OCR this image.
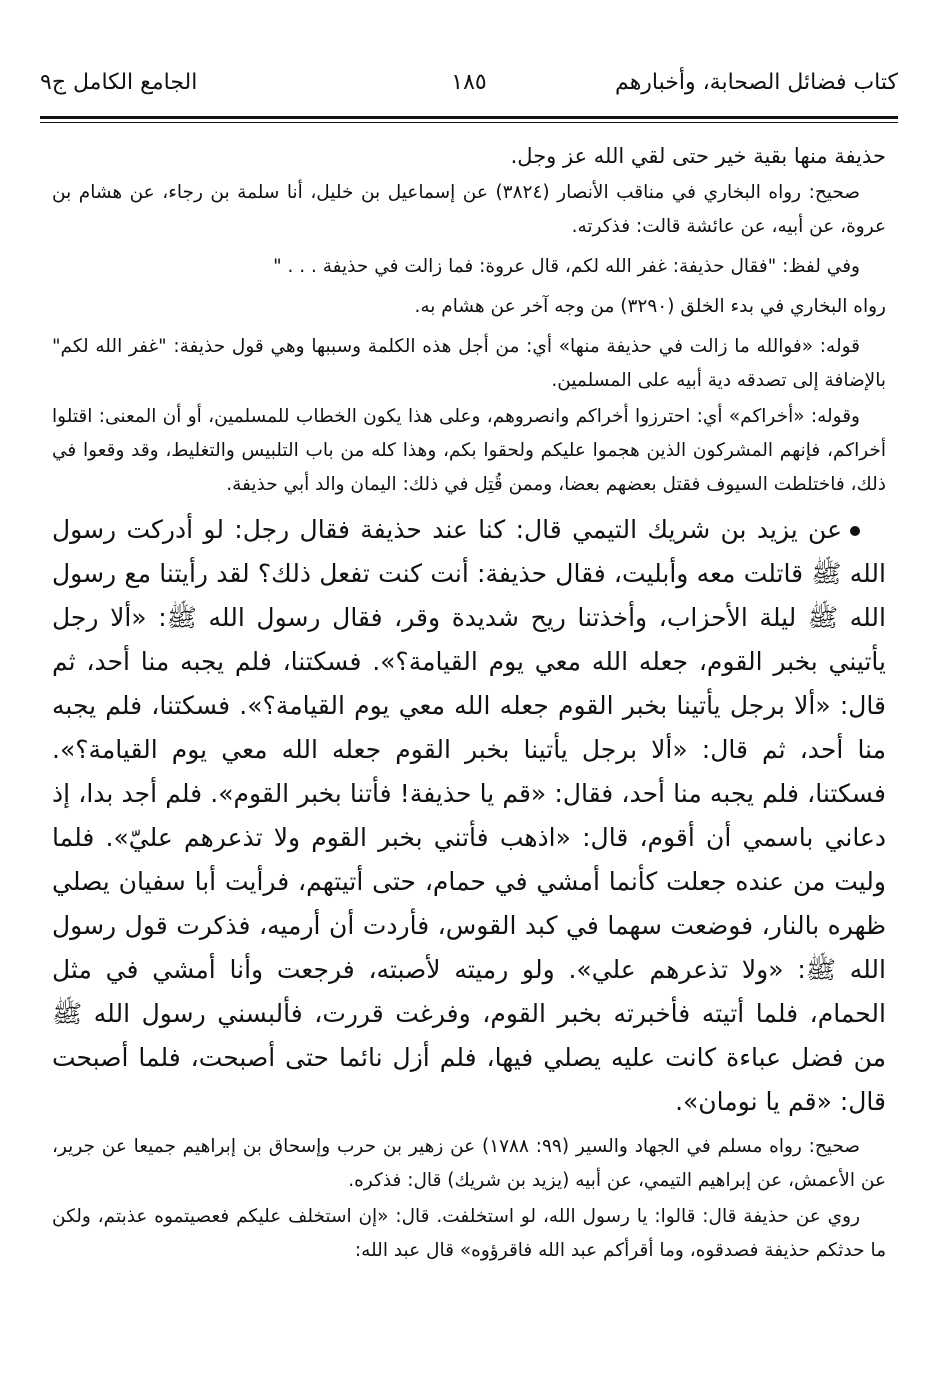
كتاب فضائل الصحابة، وأخبارهم
١٨٥
الجامع الكامل ج٩

حذيفة منها بقية خير حتى لقي الله عز وجل.

صحيح: رواه البخاري في مناقب الأنصار (٣٨٢٤) عن إسماعيل بن خليل، أنا سلمة بن رجاء، عن هشام بن عروة، عن أبيه، عن عائشة قالت: فذكرته.

وفي لفظ: "فقال حذيفة: غفر الله لكم، قال عروة: فما زالت في حذيفة . . . "

رواه البخاري في بدء الخلق (٣٢٩٠) من وجه آخر عن هشام به.

قوله: «فوالله ما زالت في حذيفة منها» أي: من أجل هذه الكلمة وسببها وهي قول حذيفة: "غفر الله لكم" بالإضافة إلى تصدقه دية أبيه على المسلمين.

وقوله: «أخراكم» أي: احترزوا أخراكم وانصروهم، وعلى هذا يكون الخطاب للمسلمين، أو أن المعنى: اقتلوا أخراكم، فإنهم المشركون الذين هجموا عليكم ولحقوا بكم، وهذا كله من باب التلبيس والتغليط، وقد وقعوا في ذلك، فاختلطت السيوف فقتل بعضهم بعضا، وممن قُتِل في ذلك: اليمان والد أبي حذيفة.

عن يزيد بن شريك التيمي قال: كنا عند حذيفة فقال رجل: لو أدركت رسول الله ﷺ قاتلت معه وأبليت، فقال حذيفة: أنت كنت تفعل ذلك؟ لقد رأيتنا مع رسول الله ﷺ ليلة الأحزاب، وأخذتنا ريح شديدة وقر، فقال رسول الله ﷺ: «ألا رجل يأتيني بخبر القوم، جعله الله معي يوم القيامة؟». فسكتنا، فلم يجبه منا أحد، ثم قال: «ألا برجل يأتينا بخبر القوم جعله الله معي يوم القيامة؟». فسكتنا، فلم يجبه منا أحد، ثم قال: «ألا برجل يأتينا بخبر القوم جعله الله معي يوم القيامة؟». فسكتنا، فلم يجبه منا أحد، فقال: «قم يا حذيفة! فأتنا بخبر القوم». فلم أجد بدا، إذ دعاني باسمي أن أقوم، قال: «اذهب فأتني بخبر القوم ولا تذعرهم عليّ». فلما وليت من عنده جعلت كأنما أمشي في حمام، حتى أتيتهم، فرأيت أبا سفيان يصلي ظهره بالنار، فوضعت سهما في كبد القوس، فأردت أن أرميه، فذكرت قول رسول الله ﷺ: «ولا تذعرهم علي». ولو رميته لأصبته، فرجعت وأنا أمشي في مثل الحمام، فلما أتيته فأخبرته بخبر القوم، وفرغت قررت، فألبسني رسول الله ﷺ من فضل عباءة كانت عليه يصلي فيها، فلم أزل نائما حتى أصبحت، فلما أصبحت قال: «قم يا نومان».

صحيح: رواه مسلم في الجهاد والسير (٩٩: ١٧٨٨) عن زهير بن حرب وإسحاق بن إبراهيم جميعا عن جرير، عن الأعمش، عن إبراهيم التيمي، عن أبيه (يزيد بن شريك) قال: فذكره.

روي عن حذيفة قال: قالوا: يا رسول الله، لو استخلفت. قال: «إن استخلف عليكم فعصيتموه عذبتم، ولكن ما حدثكم حذيفة فصدقوه، وما أقرأكم عبد الله فاقرؤوه» قال عبد الله:
